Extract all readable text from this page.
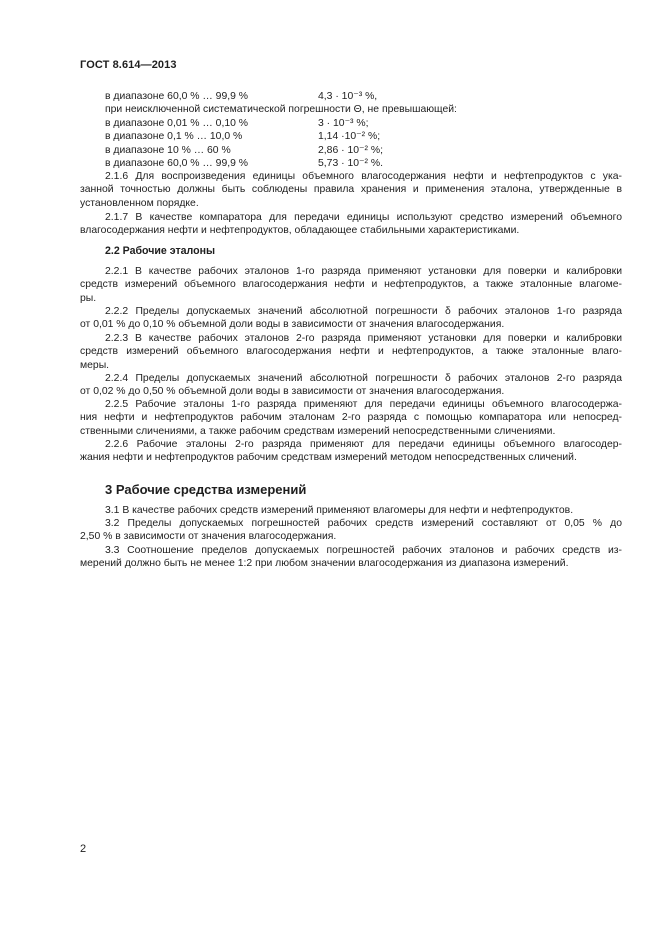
ГОСТ 8.614—2013
в диапазоне 60,0 % … 99,9 %	4,3 · 10⁻³ %,
при неисключенной систематической погрешности Θ, не превышающей:
в диапазоне 0,01 % … 0,10 %	3 · 10⁻³ %;
в диапазоне 0,1 % … 10,0 %	1,14 ·10⁻² %;
в диапазоне 10 % … 60 %	2,86 · 10⁻² %;
в диапазоне 60,0 % … 99,9 %	5,73 · 10⁻² %.
2.1.6 Для воспроизведения единицы объемного влагосодержания нефти и нефтепродуктов с ука-
занной точностью должны быть соблюдены правила хранения и применения эталона, утвержденные в
установленном порядке.
2.1.7 В качестве компаратора для передачи единицы используют средство измерений объемного
влагосодержания нефти и нефтепродуктов, обладающее стабильными характеристиками.
2.2.1 В качестве рабочих эталонов 1-го разряда применяют установки для поверки и калибровки
средств измерений объемного влагосодержания нефти и нефтепродуктов, а также эталонные влагоме-
ры.
2.2.2 Пределы допускаемых значений абсолютной погрешности δ рабочих эталонов 1-го разряда
от 0,01 % до 0,10 % объемной доли воды в зависимости от значения влагосодержания.
2.2.3 В качестве рабочих эталонов 2-го разряда применяют установки для поверки и калибровки
средств измерений объемного влагосодержания нефти и нефтепродуктов, а также эталонные влаго-
меры.
2.2.4 Пределы допускаемых значений абсолютной погрешности δ рабочих эталонов 2-го разряда
от 0,02 % до 0,50 % объемной доли воды в зависимости от значения влагосодержания.
2.2.5 Рабочие эталоны 1-го разряда применяют для передачи единицы объемного влагосодержа-
ния нефти и нефтепродуктов рабочим эталонам 2-го разряда с помощью компаратора или непосред-
ственными сличениями, а также рабочим средствам измерений непосредственными сличениями.
2.2.6 Рабочие эталоны 2-го разряда применяют для передачи единицы объемного влагосодер-
жания нефти и нефтепродуктов рабочим средствам измерений методом непосредственных сличений.
3.1 В качестве рабочих средств измерений применяют влагомеры для нефти и нефтепродуктов.
3.2 Пределы допускаемых погрешностей рабочих средств измерений составляют от 0,05 % до
2,50 % в зависимости от значения влагосодержания.
3.3 Соотношение пределов допускаемых погрешностей рабочих эталонов и рабочих средств из-
мерений должно быть не менее 1:2 при любом значении влагосодержания из диапазона измерений.
2.2 Рабочие эталоны
3 Рабочие средства измерений
2
